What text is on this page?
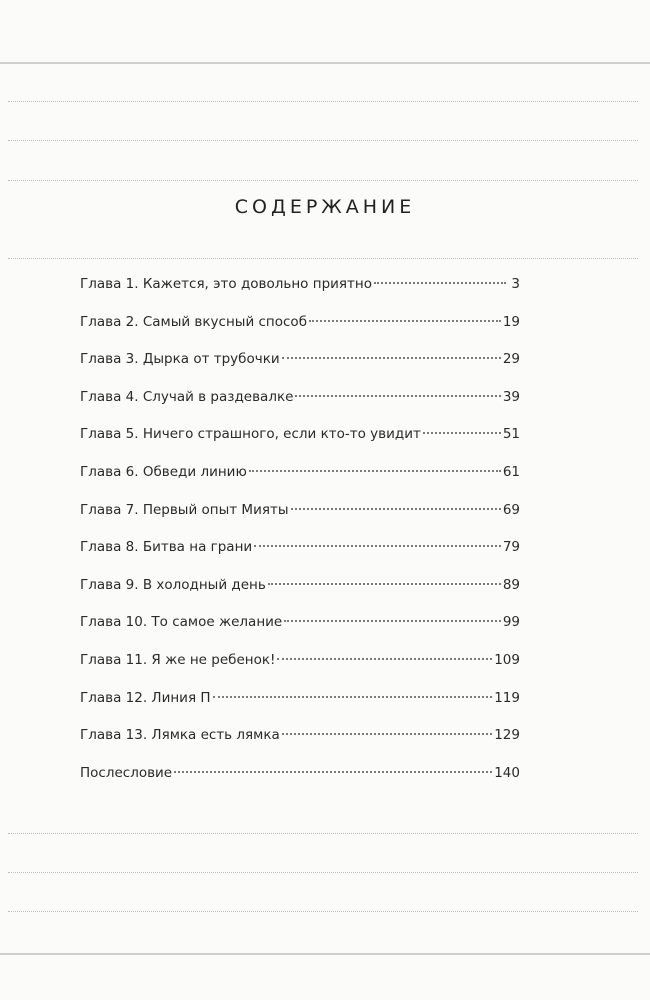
СОДЕРЖАНИЕ
Глава 1. Кажется, это довольно приятно	3
Глава 2. Самый вкусный способ	19
Глава 3. Дырка от трубочки	29
Глава 4. Случай в раздевалке	39
Глава 5. Ничего страшного, если кто-то увидит	51
Глава 6. Обведи линию	61
Глава 7. Первый опыт Мияты	69
Глава 8. Битва на грани	79
Глава 9. В холодный день	89
Глава 10. То самое желание	99
Глава 11. Я же не ребенок!	109
Глава 12. Линия П	119
Глава 13. Лямка есть лямка	129
Послесловие	140
